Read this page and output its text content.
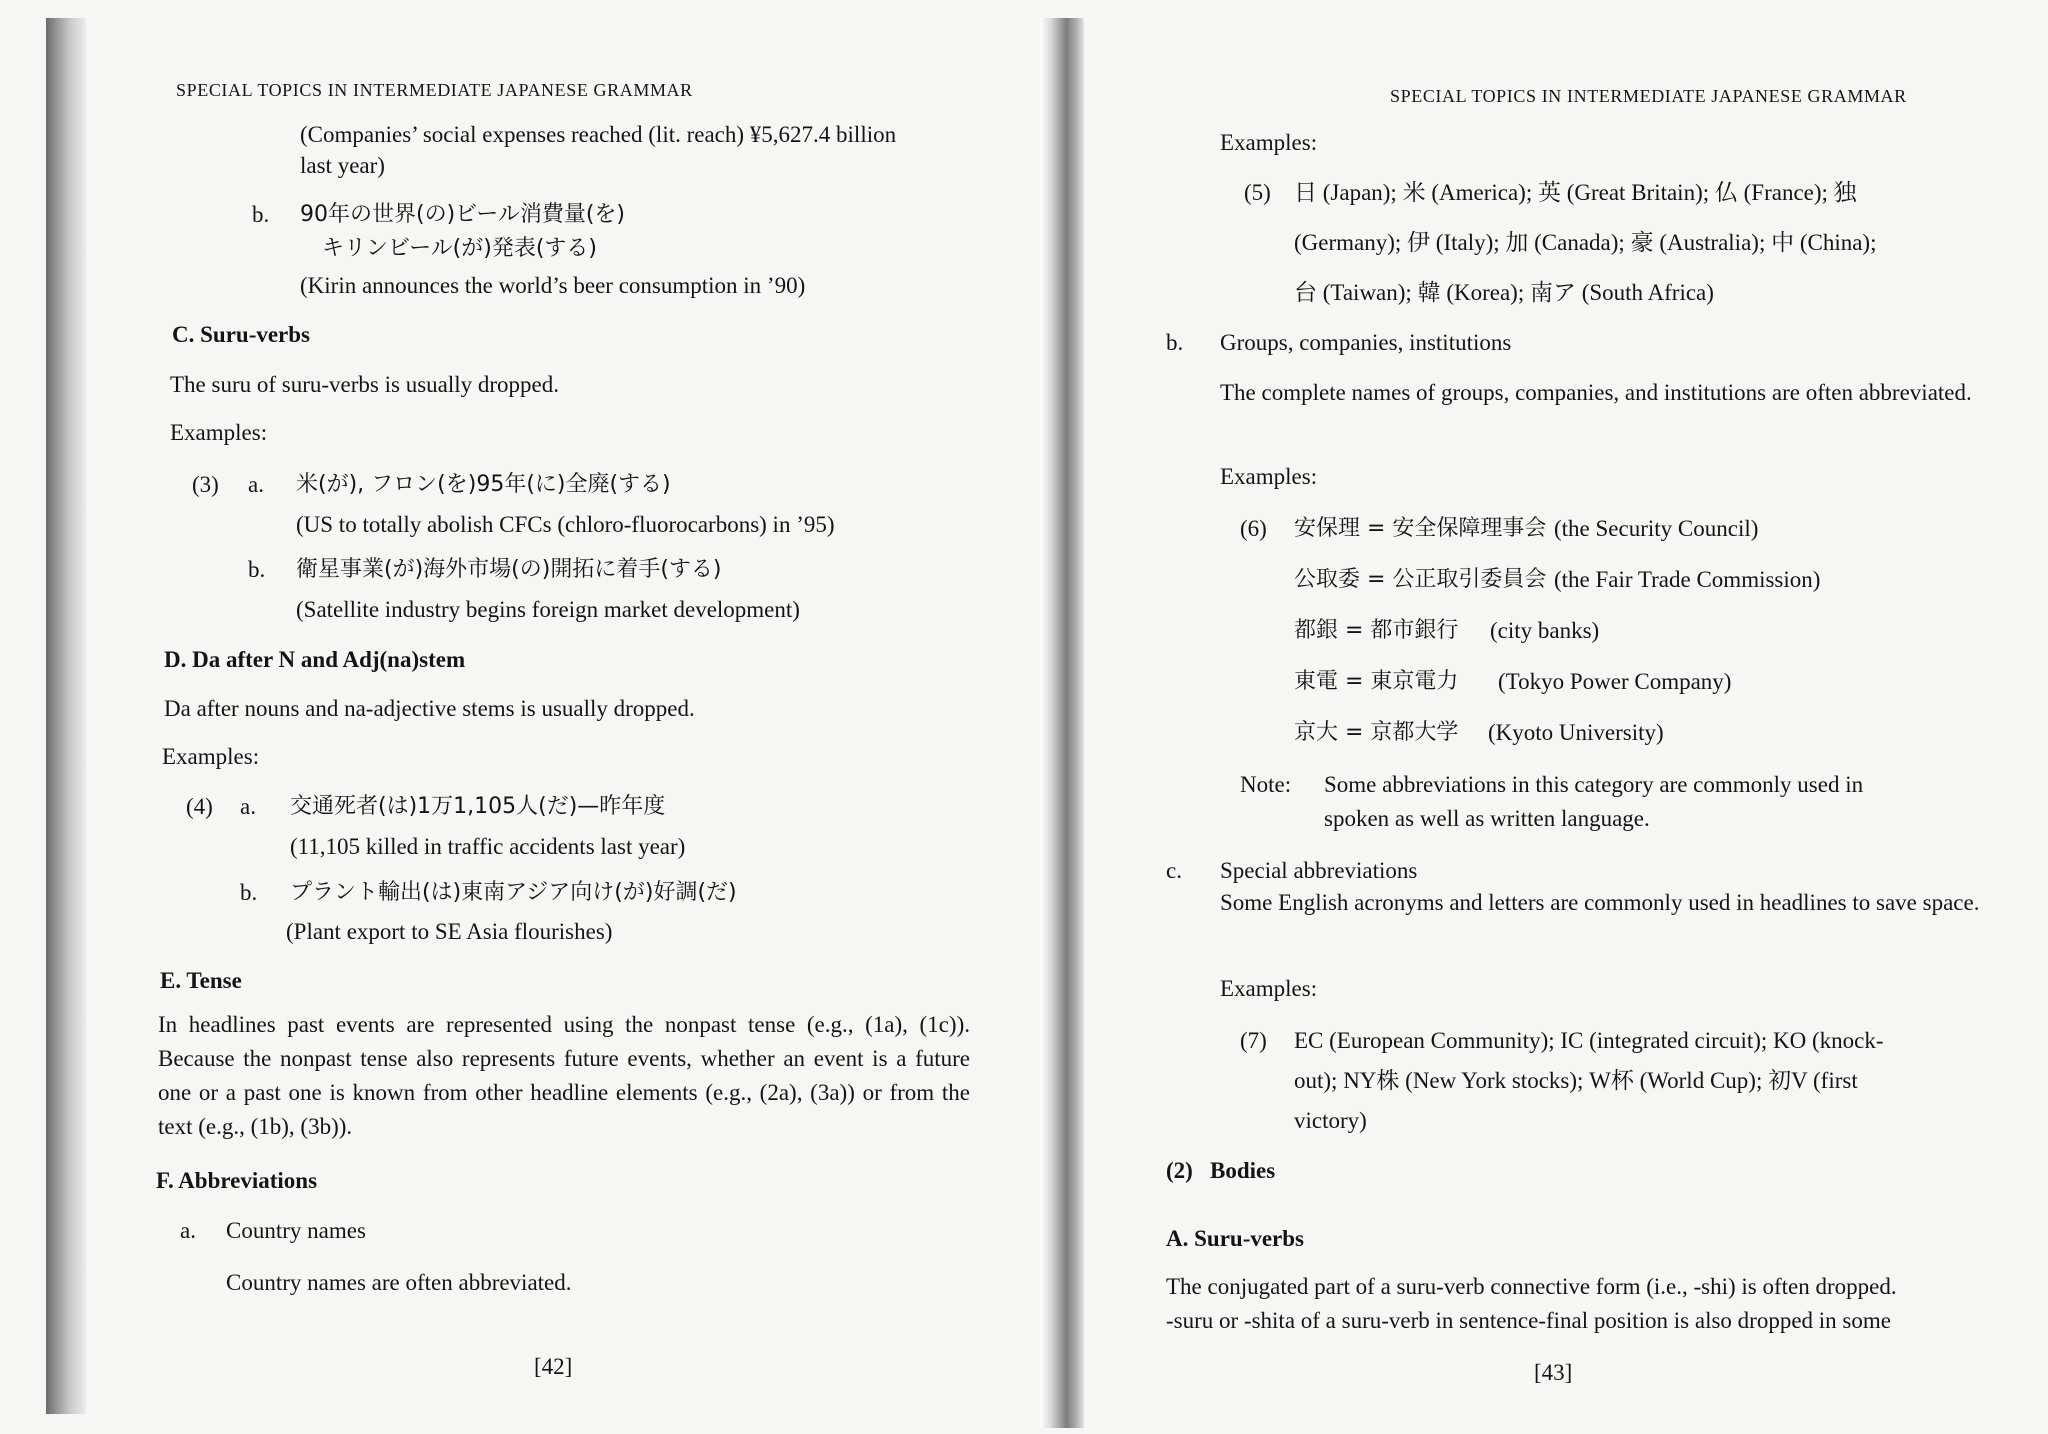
SPECIAL TOPICS IN INTERMEDIATE JAPANESE GRAMMAR
(Companies’ social expenses reached (lit. reach) ¥5,627.4 billion
last year)
b. 90年の世界(の)ビール消費量(を)
キリンビール(が)発表(する)
(Kirin announces the world’s beer consumption in ’90)
C. Suru-verbs
The suru of suru-verbs is usually dropped.
Examples:
(3) a. 米(が), フロン(を)95年(に)全廃(する)
(US to totally abolish CFCs (chloro-fluorocarbons) in ’95)
b. 衛星事業(が)海外市場(の)開拓に着手(する)
(Satellite industry begins foreign market development)
D. Da after N and Adj(na)stem
Da after nouns and na-adjective stems is usually dropped.
Examples:
(4) a. 交通死者(は)1万1,105人(だ)—昨年度
(11,105 killed in traffic accidents last year)
b. プラント輸出(は)東南アジア向け(が)好調(だ)
(Plant export to SE Asia flourishes)
E. Tense
In headlines past events are represented using the nonpast tense (e.g., (1a), (1c)). Because the nonpast tense also represents future events, whether an event is a future one or a past one is known from other headline elements (e.g., (2a), (3a)) or from the text (e.g., (1b), (3b)).
F. Abbreviations
a. Country names
Country names are often abbreviated.
[42]
SPECIAL TOPICS IN INTERMEDIATE JAPANESE GRAMMAR
Examples:
(5) 日 (Japan); 米 (America); 英 (Great Britain); 仏 (France); 独
(Germany); 伊 (Italy); 加 (Canada); 豪 (Australia); 中 (China);
台 (Taiwan); 韓 (Korea); 南ア (South Africa)
b. Groups, companies, institutions
The complete names of groups, companies, and institutions are often abbreviated.
Examples:
(6) 安保理 = 安全保障理事会 (the Security Council)
公取委 = 公正取引委員会 (the Fair Trade Commission)
都銀 = 都市銀行 (city banks)
東電 = 東京電力 (Tokyo Power Company)
京大 = 京都大学 (Kyoto University)
Note: Some abbreviations in this category are commonly used in
spoken as well as written language.
c. Special abbreviations
Some English acronyms and letters are commonly used in headlines to save space.
Examples:
(7) EC (European Community); IC (integrated circuit); KO (knock-
out); NY株 (New York stocks); W杯 (World Cup); 初V (first
victory)
(2) Bodies
A. Suru-verbs
The conjugated part of a suru-verb connective form (i.e., -shi) is often dropped.
-suru or -shita of a suru-verb in sentence-final position is also dropped in some
[43]
